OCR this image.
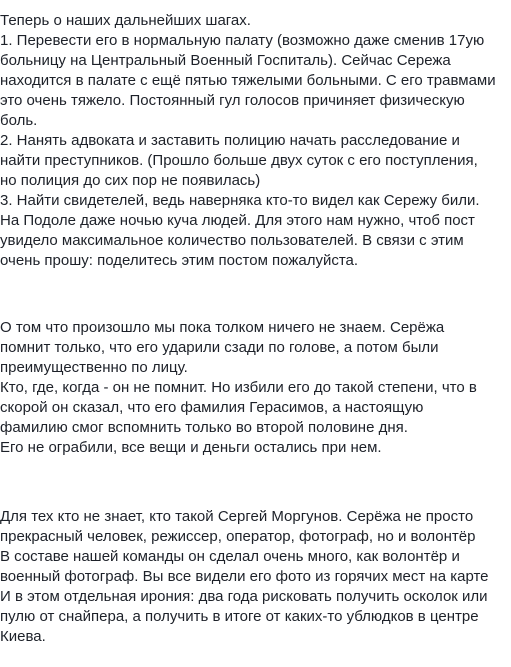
Теперь о наших дальнейших шагах.
1. Перевести его в нормальную палату (возможно даже сменив 17ую
больницу на Центральный Военный Госпиталь). Сейчас Сережа
находится в палате с ещё пятью тяжелыми больными. С его травмами
это очень тяжело. Постоянный гул голосов причиняет физическую
боль.
2. Нанять адвоката и заставить полицию начать расследование и
найти преступников. (Прошло больше двух суток с его поступления,
но полиция до сих пор не появилась)
3. Найти свидетелей, ведь наверняка кто-то видел как Сережу били.
На Подоле даже ночью куча людей. Для этого нам нужно, чтоб пост
увидело максимальное количество пользователей. В связи с этим
очень прошу: поделитесь этим постом пожалуйста.

О том что произошло мы пока толком ничего не знаем. Серёжа
помнит только, что его ударили сзади по голове, а потом были
преимущественно по лицу.
Кто, где, когда - он не помнит. Но избили его до такой степени, что в
скорой он сказал, что его фамилия Герасимов, а настоящую
фамилию смог вспомнить только во второй половине дня.
Его не ограбили, все вещи и деньги остались при нем.

Для тех кто не знает, кто такой Сергей Моргунов. Серёжа не просто
прекрасный человек, режиссер, оператор, фотограф, но и волонтёр
В составе нашей команды он сделал очень много, как волонтёр и
военный фотограф. Вы все видели его фото из горячих мест на карте
И в этом отдельная ирония: два года рисковать получить осколок или
пулю от снайпера, а получить в итоге от каких-то ублюдков в центре
Киева.
